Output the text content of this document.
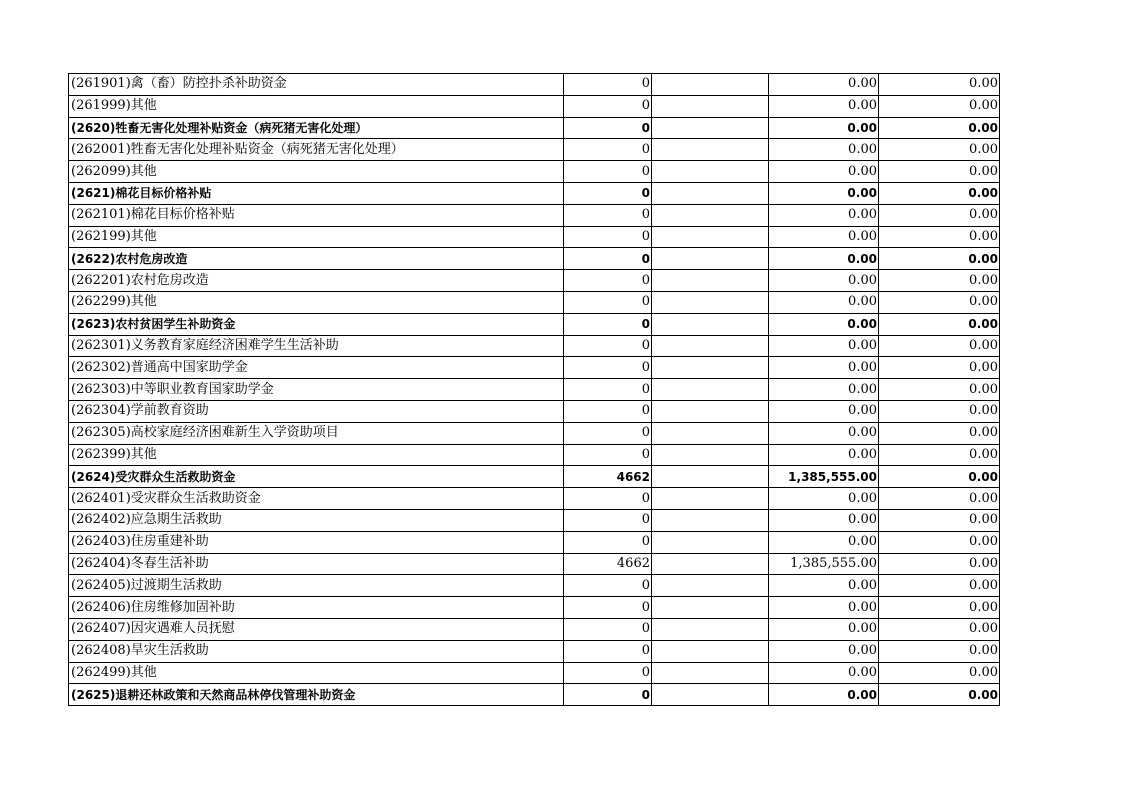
(261901)禽（畜）防控扑杀补助资金	0		0.00	0.00
(261999)其他	0		0.00	0.00
(2620)牲畜无害化处理补贴资金（病死猪无害化处理）	0		0.00	0.00
(262001)牲畜无害化处理补贴资金（病死猪无害化处理）	0		0.00	0.00
(262099)其他	0		0.00	0.00
(2621)棉花目标价格补贴	0		0.00	0.00
(262101)棉花目标价格补贴	0		0.00	0.00
(262199)其他	0		0.00	0.00
(2622)农村危房改造	0		0.00	0.00
(262201)农村危房改造	0		0.00	0.00
(262299)其他	0		0.00	0.00
(2623)农村贫困学生补助资金	0		0.00	0.00
(262301)义务教育家庭经济困难学生生活补助	0		0.00	0.00
(262302)普通高中国家助学金	0		0.00	0.00
(262303)中等职业教育国家助学金	0		0.00	0.00
(262304)学前教育资助	0		0.00	0.00
(262305)高校家庭经济困难新生入学资助项目	0		0.00	0.00
(262399)其他	0		0.00	0.00
(2624)受灾群众生活救助资金	4662		1,385,555.00	0.00
(262401)受灾群众生活救助资金	0		0.00	0.00
(262402)应急期生活救助	0		0.00	0.00
(262403)住房重建补助	0		0.00	0.00
(262404)冬春生活补助	4662		1,385,555.00	0.00
(262405)过渡期生活救助	0		0.00	0.00
(262406)住房维修加固补助	0		0.00	0.00
(262407)因灾遇难人员抚慰	0		0.00	0.00
(262408)旱灾生活救助	0		0.00	0.00
(262499)其他	0		0.00	0.00
(2625)退耕还林政策和天然商品林停伐管理补助资金	0		0.00	0.00
